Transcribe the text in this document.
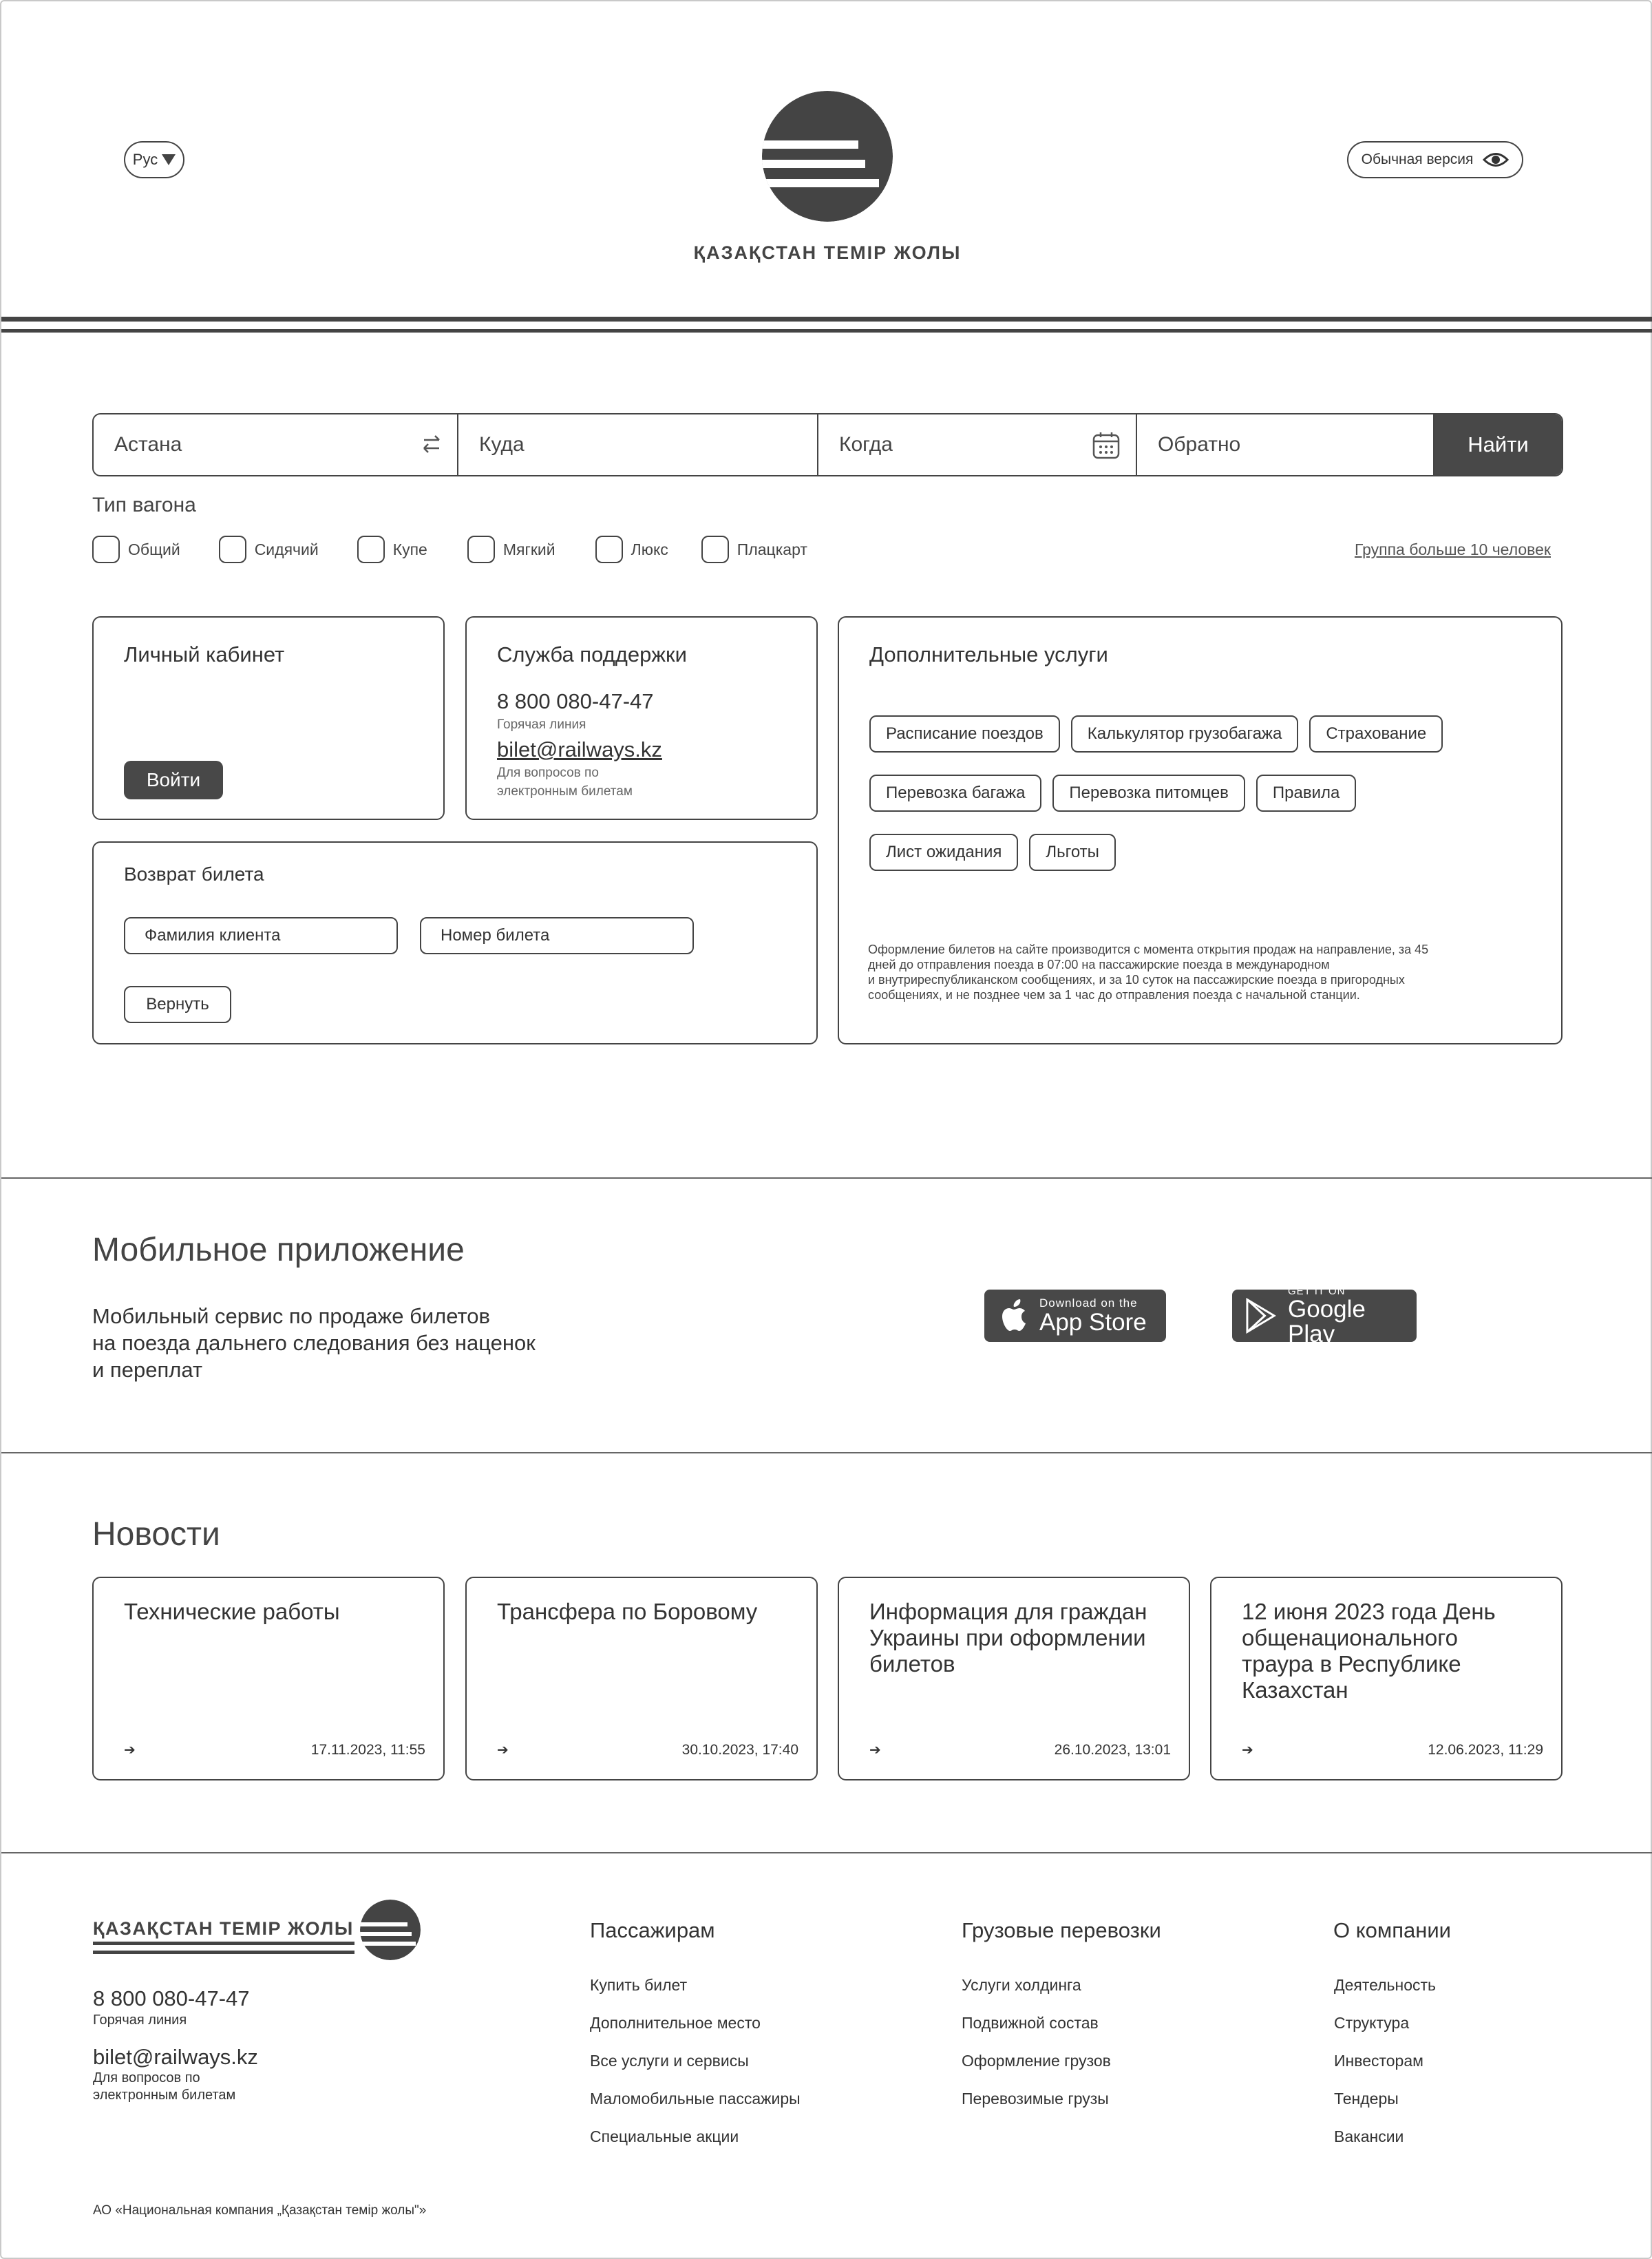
Рус
ҚАЗАҚСТАН ТЕМІР ЖОЛЫ
Обычная версия
Астана	Куда	Когда	Обратно	Найти
Тип вагона
Общий	Сидячий	Купе	Мягкий	Люкс	Плацкарт	Группа больше 10 человек
Личный кабинет
Войти
Служба поддержки
8 800 080-47-47
Горячая линия
bilet@railways.kz
Для вопросов по
электронным билетам
Возврат билета
Фамилия клиента	Номер билета
Вернуть
Дополнительные услуги
Расписание поездов	Калькулятор грузобагажа	Страхование
Перевозка багажа	Перевозка питомцев	Правила
Лист ожидания	Льготы
Оформление билетов на сайте производится с момента открытия продаж на направление, за 45
дней до отправления поезда в 07:00 на пассажирские поезда в международном
и внутриреспубликанском сообщениях, и за 10 суток на пассажирские поезда в пригородных
сообщениях, и не позднее чем за 1 час до отправления поезда с начальной станции.
Мобильное приложение
Мобильный сервис по продаже билетов
на поезда дальнего следования без наценок
и переплат
Download on the
App Store
GET IT ON
Google Play
Новости
Технические работы
➔	17.11.2023, 11:55
Трансфера по Боровому
➔	30.10.2023, 17:40
Информация для граждан Украины при оформлении билетов
➔	26.10.2023, 13:01
12 июня 2023 года День общенационального траура в Республике Казахстан
➔	12.06.2023, 11:29
ҚАЗАҚСТАН ТЕМІР ЖОЛЫ
8 800 080-47-47
Горячая линия
bilet@railways.kz
Для вопросов по
электронным билетам
Пассажирам
Купить билет
Дополнительное место
Все услуги и сервисы
Маломобильные пассажиры
Специальные акции
Грузовые перевозки
Услуги холдинга
Подвижной состав
Оформление грузов
Перевозимые грузы
О компании
Деятельность
Структура
Инвесторам
Тендеры
Вакансии
АО «Национальная компания „Қазақстан темір жолы"»
